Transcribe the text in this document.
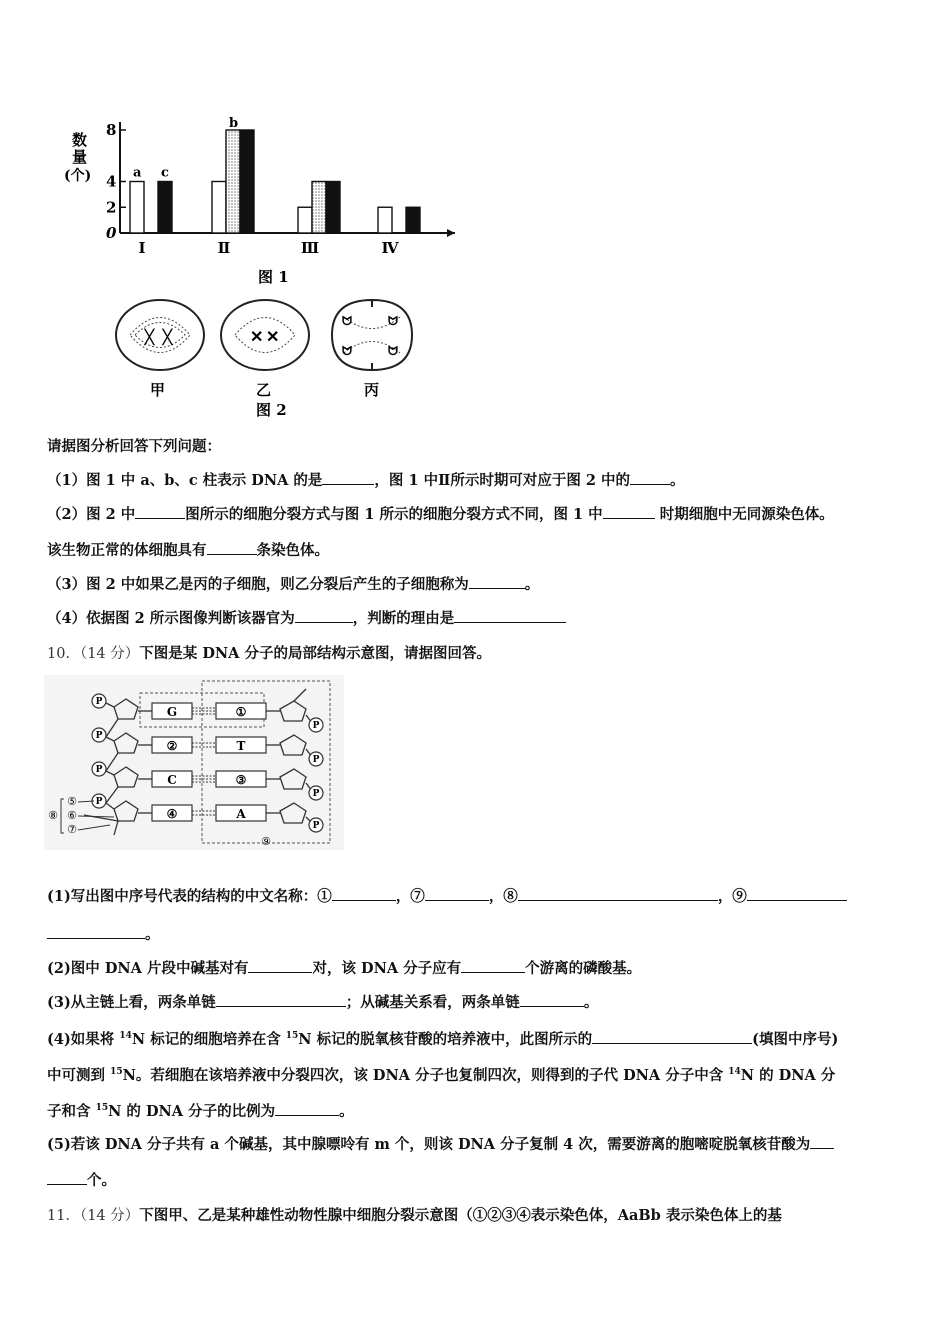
数
量
(个)
0
2
4
8
a c
Ⅰ
b
Ⅱ	Ⅲ	Ⅳ
图 1
ᚷ ᚷ
甲
✕ ✕
乙
ᗢ	ᗢ
ᗢ	ᗢ
丙
图 2
请据图分析回答下列问题：
（1）图 1 中 a、b、c 柱表示 DNA 的是	，图 1 中Ⅱ所示时期可对应于图 2 中的	。
（2）图 2 中	图所示的细胞分裂方式与图 1 所示的细胞分裂方式不同，图 1 中	时期细胞中无同源染色体。
该生物正常的体细胞具有	条染色体。
（3）图 2 中如果乙是丙的子细胞，则乙分裂后产生的子细胞称为	。
（4）依据图 2 所示图像判断该器官为	，判断的理由是
10．（14 分）下图是某 DNA 分子的局部结构示意图，请据图回答。
G
②
C
④
①
T
③
A
P
P
P
P
P
P
P
P
⑤
⑥
⑦
⑧
⑨
(1)写出图中序号代表的结构的中文名称：①	，⑦	，⑧	，⑨
。
(2)图中 DNA 片段中碱基对有	对，该 DNA 分子应有	个游离的磷酸基。
(3)从主链上看，两条单链	；从碱基关系看，两条单链	。
(4)如果将 $^{14}$N 标记的细胞培养在含 $^{15}$N 标记的脱氧核苷酸的培养液中，此图所示的	(填图中序号)
中可测到 $^{15}$N。若细胞在该培养液中分裂四次，该 DNA 分子也复制四次，则得到的子代 DNA 分子中含 $^{14}$N 的 DNA 分
子和含 $^{15}$N 的 DNA 分子的比例为	。
(5)若该 DNA 分子共有 a 个碱基，其中腺嘌呤有 m 个，则该 DNA 分子复制 4 次，需要游离的胞嘧啶脱氧核苷酸为
个。
11．（14 分）下图甲、乙是某种雄性动物性腺中细胞分裂示意图（①②③④表示染色体，AaBb 表示染色体上的基
